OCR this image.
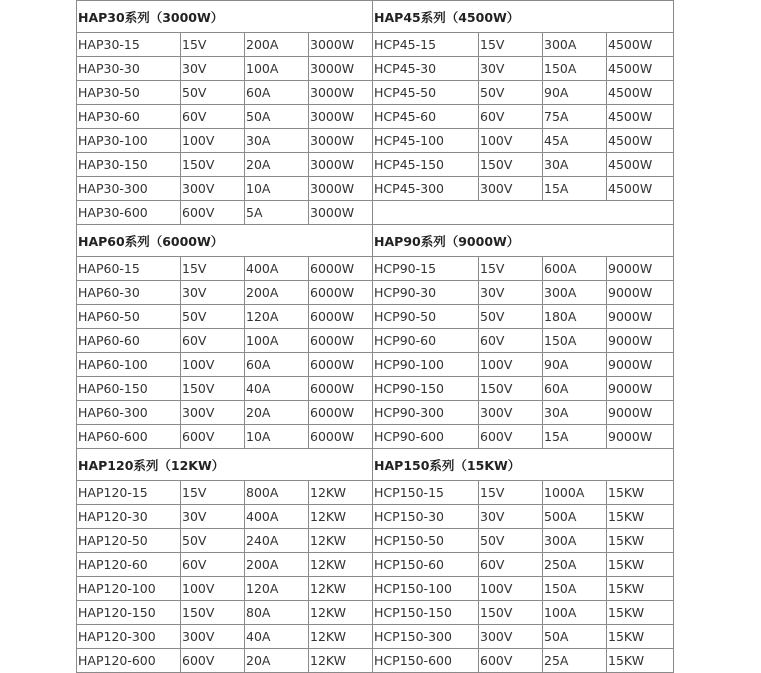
HAP30系列（3000W）				HAP45系列（4500W）			
HAP30-15	15V	200A	3000W	HCP45-15	15V	300A	4500W
HAP30-30	30V	100A	3000W	HCP45-30	30V	150A	4500W
HAP30-50	50V	60A	3000W	HCP45-50	50V	90A	4500W
HAP30-60	60V	50A	3000W	HCP45-60	60V	75A	4500W
HAP30-100	100V	30A	3000W	HCP45-100	100V	45A	4500W
HAP30-150	150V	20A	3000W	HCP45-150	150V	30A	4500W
HAP30-300	300V	10A	3000W	HCP45-300	300V	15A	4500W
HAP30-600	600V	5A	3000W				
HAP60系列（6000W）				HAP90系列（9000W）			
HAP60-15	15V	400A	6000W	HCP90-15	15V	600A	9000W
HAP60-30	30V	200A	6000W	HCP90-30	30V	300A	9000W
HAP60-50	50V	120A	6000W	HCP90-50	50V	180A	9000W
HAP60-60	60V	100A	6000W	HCP90-60	60V	150A	9000W
HAP60-100	100V	60A	6000W	HCP90-100	100V	90A	9000W
HAP60-150	150V	40A	6000W	HCP90-150	150V	60A	9000W
HAP60-300	300V	20A	6000W	HCP90-300	300V	30A	9000W
HAP60-600	600V	10A	6000W	HCP90-600	600V	15A	9000W
HAP120系列（12KW）				HAP150系列（15KW）			
HAP120-15	15V	800A	12KW	HCP150-15	15V	1000A	15KW
HAP120-30	30V	400A	12KW	HCP150-30	30V	500A	15KW
HAP120-50	50V	240A	12KW	HCP150-50	50V	300A	15KW
HAP120-60	60V	200A	12KW	HCP150-60	60V	250A	15KW
HAP120-100	100V	120A	12KW	HCP150-100	100V	150A	15KW
HAP120-150	150V	80A	12KW	HCP150-150	150V	100A	15KW
HAP120-300	300V	40A	12KW	HCP150-300	300V	50A	15KW
HAP120-600	600V	20A	12KW	HCP150-600	600V	25A	15KW
